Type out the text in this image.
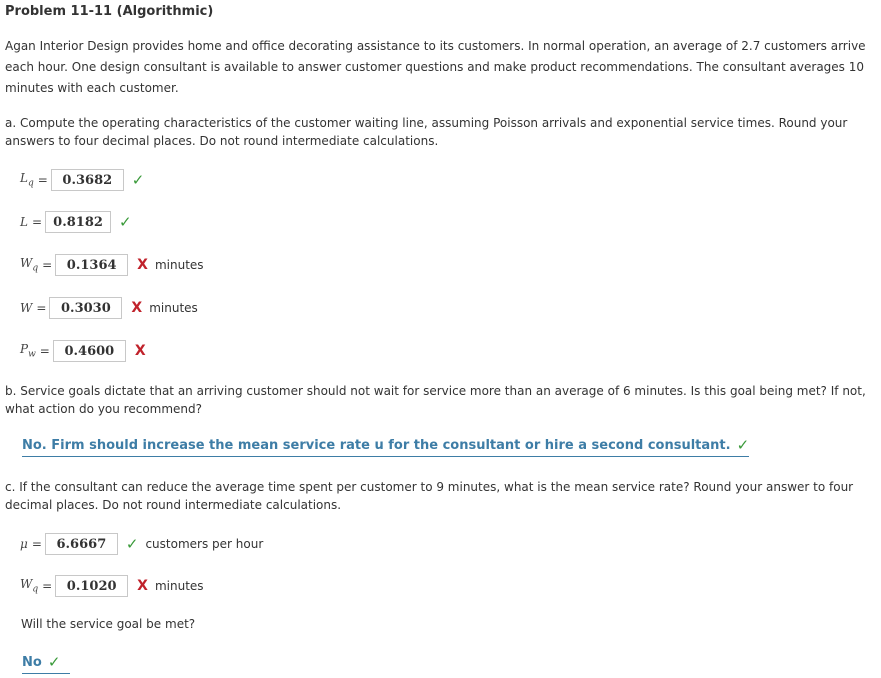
Problem 11-11 (Algorithmic)
Agan Interior Design provides home and office decorating assistance to its customers. In normal operation, an average of 2.7 customers arrive each hour. One design consultant is available to answer customer questions and make product recommendations. The consultant averages 10 minutes with each customer.
a. Compute the operating characteristics of the customer waiting line, assuming Poisson arrivals and exponential service times. Round your answers to four decimal places. Do not round intermediate calculations.
$L_q$ =	0.3682	✓
L = 0.8182	✓
$W_q$ =	0.1364	X minutes
W =	0.3030	X minutes
$P_w$ =	0.4600	X
b. Service goals dictate that an arriving customer should not wait for service more than an average of 6 minutes. Is this goal being met? If not, what action do you recommend?
No. Firm should increase the mean service rate u for the consultant or hire a second consultant. ✓
c. If the consultant can reduce the average time spent per customer to 9 minutes, what is the mean service rate? Round your answer to four decimal places. Do not round intermediate calculations.
μ =	6.6667	✓ customers per hour
$W_q$ =	0.1020	X minutes
Will the service goal be met?
No ✓
